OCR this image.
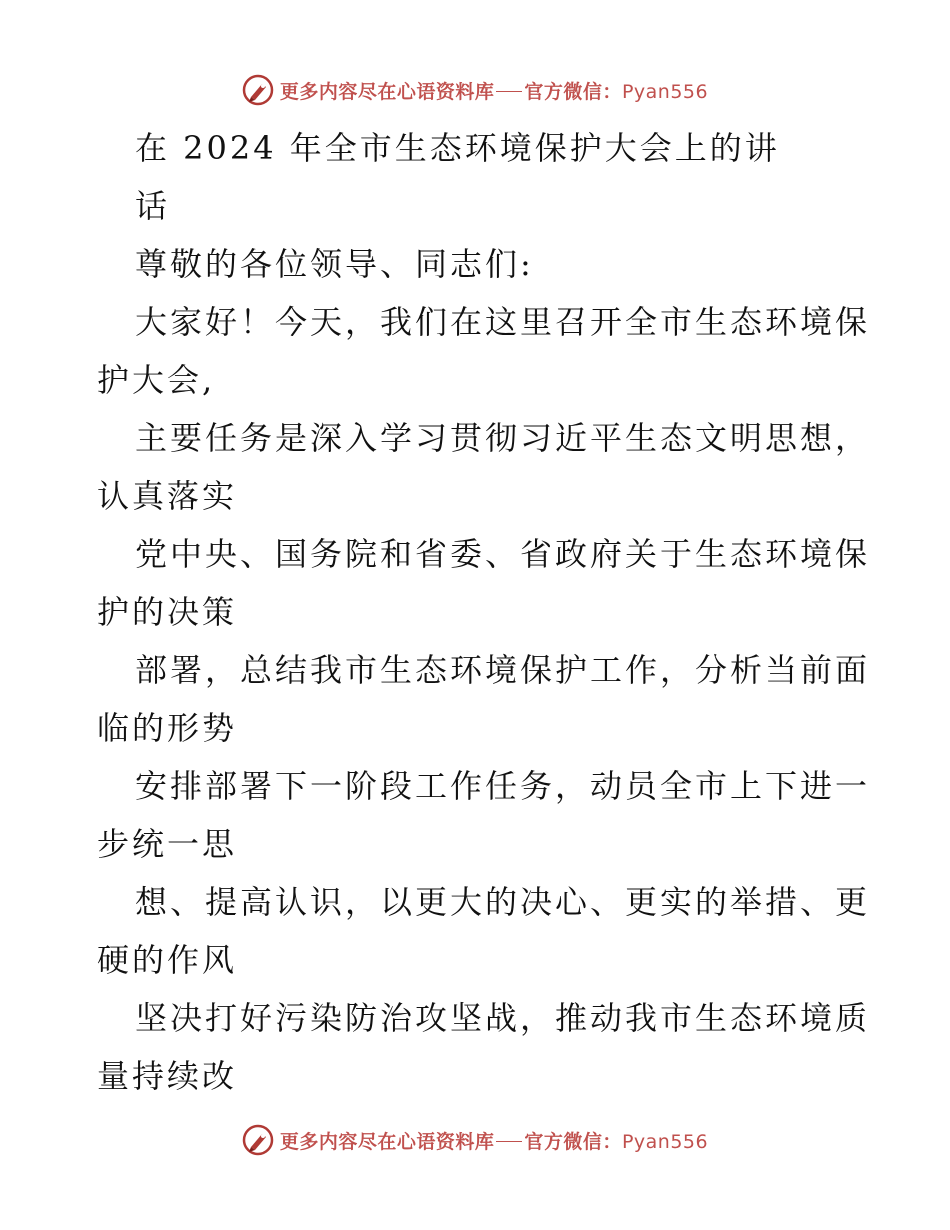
更多内容尽在心语资料库 官方微信：Pyan556
在 2024 年全市生态环境保护大会上的讲
话
尊敬的各位领导、同志们:
大家好！今天，我们在这里召开全市生态环境保
护大会,
主要任务是深入学习贯彻习近平生态文明思想，
认真落实
党中央、国务院和省委、省政府关于生态环境保
护的决策
部署，总结我市生态环境保护工作，分析当前面
临的形势
安排部署下一阶段工作任务，动员全市上下进一
步统一思
想、提高认识，以更大的决心、更实的举措、更
硬的作风
坚决打好污染防治攻坚战，推动我市生态环境质
量持续改
更多内容尽在心语资料库 官方微信：Pyan556
